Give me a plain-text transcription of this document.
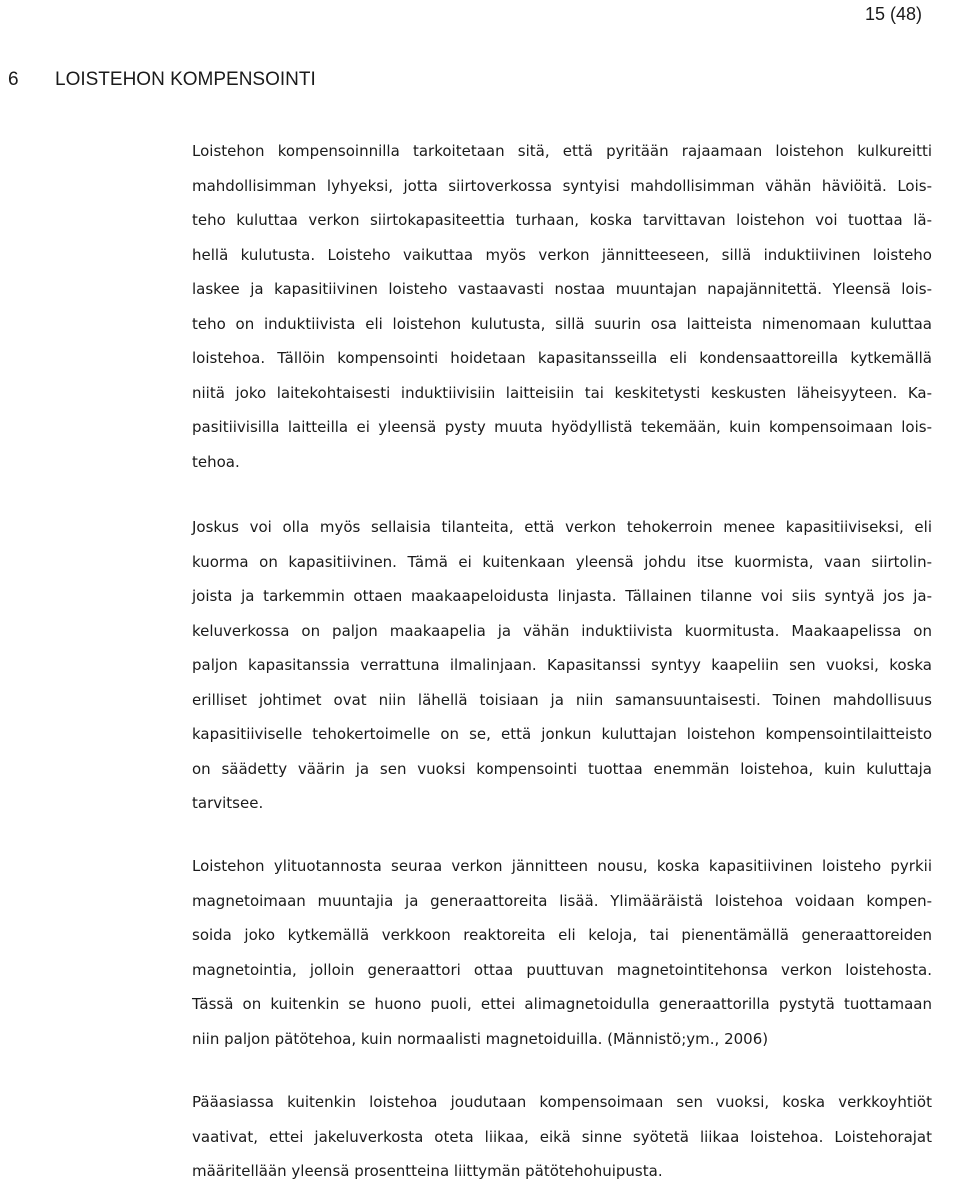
15 (48)

6 LOISTEHON KOMPENSOINTI

Loistehon kompensoinnilla tarkoitetaan sitä, että pyritään rajaamaan loistehon kulkureitti
mahdollisimman lyhyeksi, jotta siirtoverkossa syntyisi mahdollisimman vähän häviöitä. Lois-
teho kuluttaa verkon siirtokapasiteettia turhaan, koska tarvittavan loistehon voi tuottaa lä-
hellä kulutusta. Loisteho vaikuttaa myös verkon jännitteeseen, sillä induktiivinen loisteho
laskee ja kapasitiivinen loisteho vastaavasti nostaa muuntajan napajännitettä. Yleensä lois-
teho on induktiivista eli loistehon kulutusta, sillä suurin osa laitteista nimenomaan kuluttaa
loistehoa. Tällöin kompensointi hoidetaan kapasitansseilla eli kondensaattoreilla kytkemällä
niitä joko laitekohtaisesti induktiivisiin laitteisiin tai keskitetysti keskusten läheisyyteen. Ka-
pasitiivisilla laitteilla ei yleensä pysty muuta hyödyllistä tekemään, kuin kompensoimaan lois-
tehoa.

Joskus voi olla myös sellaisia tilanteita, että verkon tehokerroin menee kapasitiiviseksi, eli
kuorma on kapasitiivinen. Tämä ei kuitenkaan yleensä johdu itse kuormista, vaan siirtolin-
joista ja tarkemmin ottaen maakaapeloidusta linjasta. Tällainen tilanne voi siis syntyä jos ja-
keluverkossa on paljon maakaapelia ja vähän induktiivista kuormitusta. Maakaapelissa on
paljon kapasitanssia verrattuna ilmalinjaan. Kapasitanssi syntyy kaapeliin sen vuoksi, koska
erilliset johtimet ovat niin lähellä toisiaan ja niin samansuuntaisesti. Toinen mahdollisuus
kapasitiiviselle tehokertoimelle on se, että jonkun kuluttajan loistehon kompensointilaitteisto
on säädetty väärin ja sen vuoksi kompensointi tuottaa enemmän loistehoa, kuin kuluttaja
tarvitsee.

Loistehon ylituotannosta seuraa verkon jännitteen nousu, koska kapasitiivinen loisteho pyrkii
magnetoimaan muuntajia ja generaattoreita lisää. Ylimääräistä loistehoa voidaan kompen-
soida joko kytkemällä verkkoon reaktoreita eli keloja, tai pienentämällä generaattoreiden
magnetointia, jolloin generaattori ottaa puuttuvan magnetointitehonsa verkon loistehosta.
Tässä on kuitenkin se huono puoli, ettei alimagnetoidulla generaattorilla pystytä tuottamaan
niin paljon pätötehoa, kuin normaalisti magnetoiduilla. (Männistö;ym., 2006)

Pääasiassa kuitenkin loistehoa joudutaan kompensoimaan sen vuoksi, koska verkkoyhtiöt
vaativat, ettei jakeluverkosta oteta liikaa, eikä sinne syötetä liikaa loistehoa. Loistehorajat
määritellään yleensä prosentteina liittymän pätötehohuipusta.
